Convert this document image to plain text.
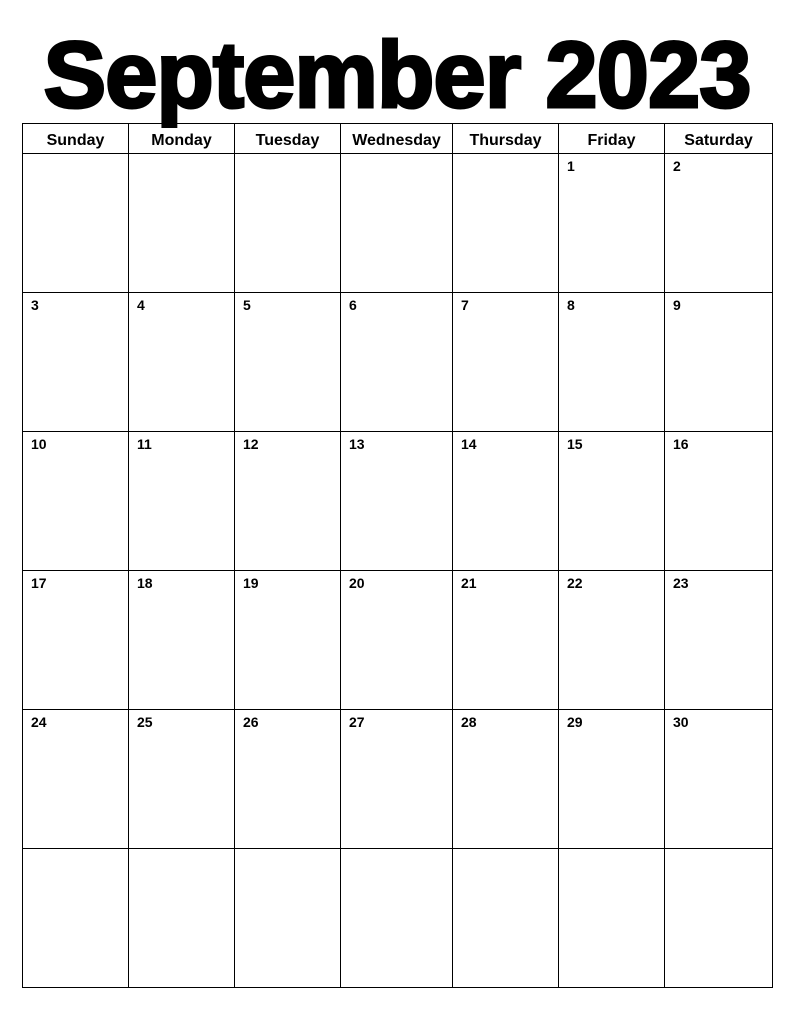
September 2023
Sunday	Monday	Tuesday	Wednesday	Thursday	Friday	Saturday

					1	2

3	4	5	6	7	8	9

10	11	12	13	14	15	16

17	18	19	20	21	22	23

24	25	26	27	28	29	30
